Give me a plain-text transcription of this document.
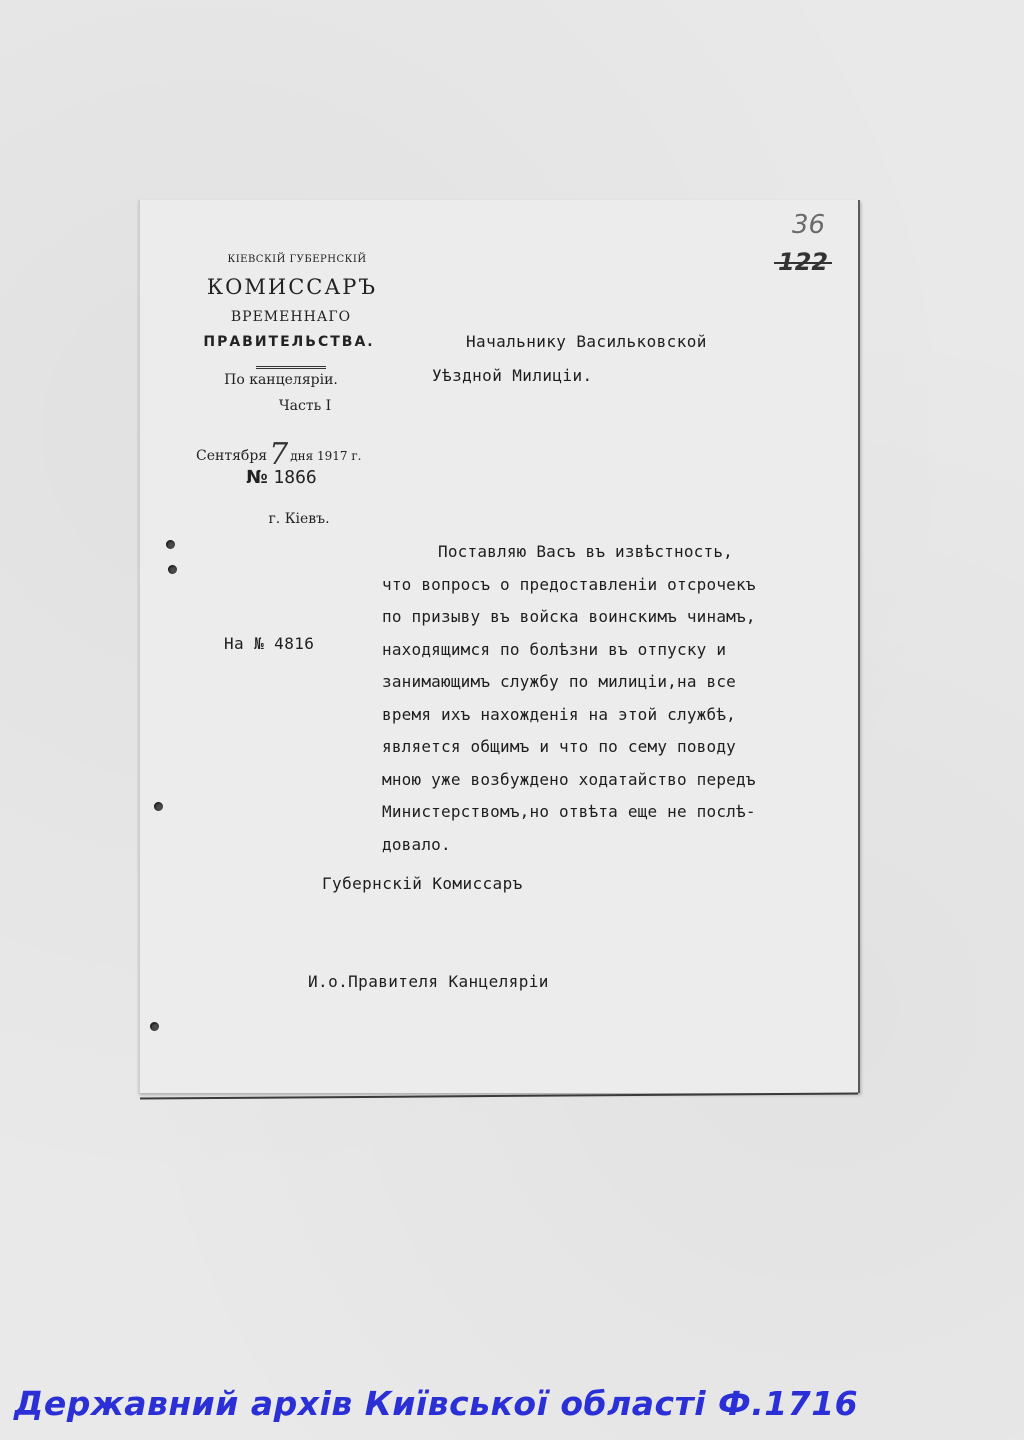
36
122
КІЕВСКІЙ ГУБЕРНСКІЙ
КОМИССАРЪ
ВРЕМЕННАГО
ПРАВИТЕЛЬСТВА.
По канцеляріи.
Часть I
Сентября7 дня 1917 г.
№ 1866
г. Кіевъ.
Начальнику Васильковской
Уѣздной Милиціи.
На № 4816
Поставляю Васъ въ извѣстность,
что вопросъ о предоставленіи отсрочекъ
по призыву въ войска воинскимъ чинамъ,
находящимся по болѣзни въ отпуску и
занимающимъ службу по милиціи,на все
время ихъ нахожденія на этой службѣ,
является общимъ и что по сему поводу
мною уже возбуждено ходатайство передъ
Министерствомъ,но отвѣта еще не послѣ-
довало.
Губернскій Комиссаръ
И.о.Правителя Канцеляріи
Державний архів Київської області Ф.1716
